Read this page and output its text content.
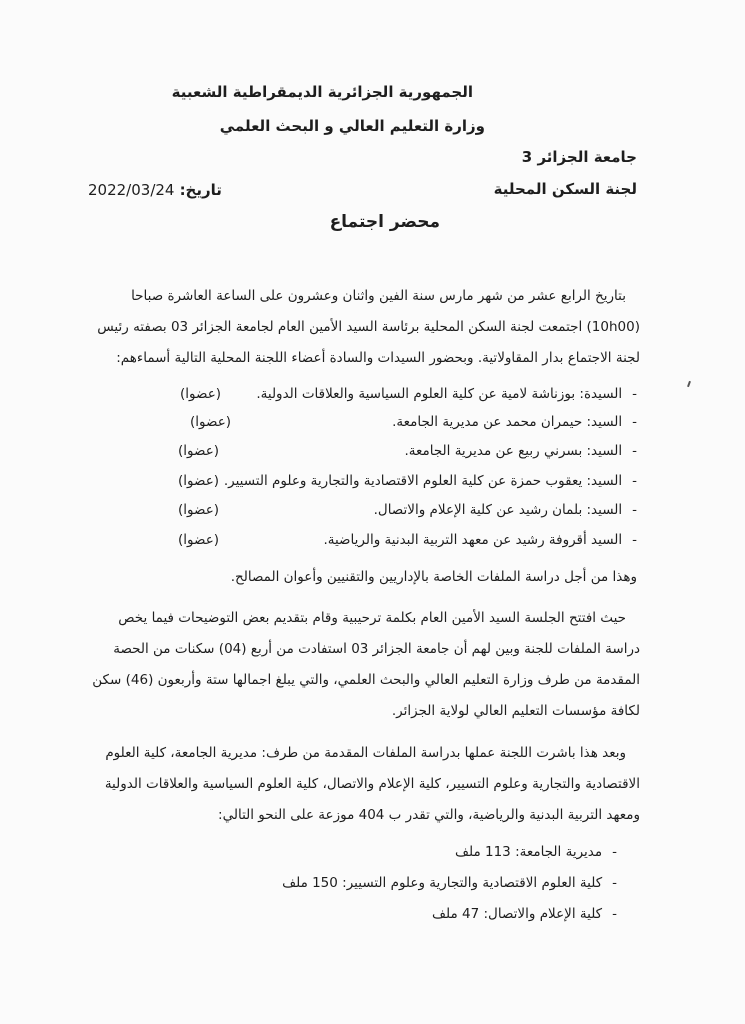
الجمهورية الجزائرية الديمقراطية الشعبية
وزارة التعليم العالي و البحث العلمي
جامعة الجزائر 3
لجنة السكن المحلية
تاريخ: 2022/03/24
محضر اجتماع
بتاريخ الرابع عشر من شهر مارس سنة الفين واثنان وعشرون على الساعة العاشرة صباحا
(10h00) اجتمعت لجنة السكن المحلية برئاسة السيد الأمين العام لجامعة الجزائر 03 بصفته رئيس
لجنة الاجتماع بدار المقاولاتية. وبحضور السيدات والسادة أعضاء اللجنة المحلية التالية أسماءهم:
-السيدة: بوزناشة لامية عن كلية العلوم السياسية والعلاقات الدولية.
(عضوا)
-السيد: حيمران محمد عن مديرية الجامعة.
(عضوا)
-السيد: بسرني ربيع عن مديرية الجامعة.
(عضوا)
-السيد: يعقوب حمزة عن كلية العلوم الاقتصادية والتجارية وعلوم التسيير.
(عضوا)
-السيد: بلمان رشيد عن كلية الإعلام والاتصال.
(عضوا)
-السيد أقروفة رشيد عن معهد التربية البدنية والرياضية.
(عضوا)
وهذا من أجل دراسة الملفات الخاصة بالإداريين والتقنيين وأعوان المصالح.
حيث افتتح الجلسة السيد الأمين العام بكلمة ترحيبية وقام بتقديم بعض التوضيحات فيما يخص
دراسة الملفات للجنة وبين لهم أن جامعة الجزائر 03 استفادت من أربع (04) سكنات من الحصة
المقدمة من طرف وزارة التعليم العالي والبحث العلمي، والتي يبلغ اجمالها ستة وأربعون (46) سكن
لكافة مؤسسات التعليم العالي لولاية الجزائر.
وبعد هذا باشرت اللجنة عملها بدراسة الملفات المقدمة من طرف: مديرية الجامعة، كلية العلوم
الاقتصادية والتجارية وعلوم التسيير، كلية الإعلام والاتصال، كلية العلوم السياسية والعلاقات الدولية
ومعهد التربية البدنية والرياضية، والتي تقدر ب 404 موزعة على النحو التالي:
-مديرية الجامعة: 113 ملف
-كلية العلوم الاقتصادية والتجارية وعلوم التسيير: 150 ملف
-كلية الإعلام والاتصال: 47 ملف
